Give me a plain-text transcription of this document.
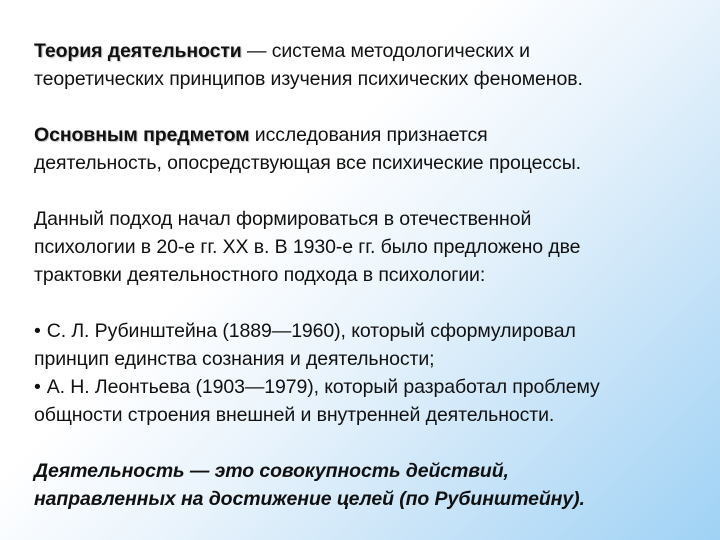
Теория деятельности — система методологических и
теоретических принципов изучения психических феноменов.

Основным предметом исследования признается
деятельность, опосредствующая все психические процессы.

Данный подход начал формироваться в отечественной
психологии в 20-е гг. XX в. В 1930-е гг. было предложено две
трактовки деятельностного подхода в психологии:

• С. Л. Рубинштейна (1889—1960), который сформулировал
принцип единства сознания и деятельности;

• А. Н. Леонтьева (1903—1979), который разработал проблему
общности строения внешней и внутренней деятельности.

Деятельность — это совокупность действий,
направленных на достижение целей (по Рубинштейну).
